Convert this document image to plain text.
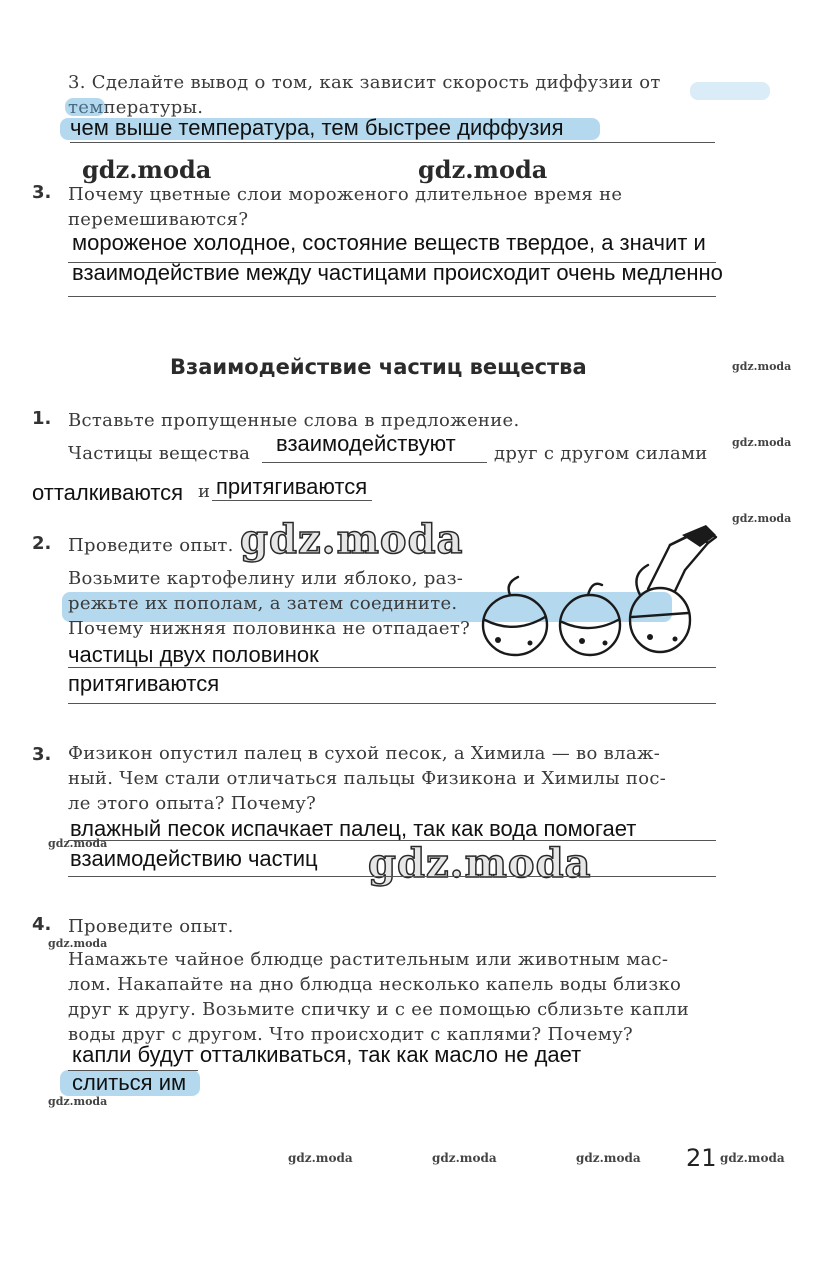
3. Сделайте вывод о том, как зависит скорость диффузии от температуры.
чем выше температура, тем быстрее диффузия
gdz.moda	gdz.moda
3. Почему цветные слои мороженого длительное время не перемешиваются?
мороженое холодное, состояние веществ твердое, а значит и
взаимодействие между частицами происходит очень медленно
Взаимодействие частиц вещества	gdz.moda
1. Вставьте пропущенные слова в предложение.
Частицы вещества взаимодействуют друг с другом силами
gdz.moda
отталкиваются и притягиваются
gdz.moda
2. Проведите опыт. gdz.moda
Возьмите картофелину или яблоко, раз-
режьте их пополам, а затем соедините.
Почему нижняя половинка не отпадает?
частицы двух половинок
притягиваются
3. Физикон опустил палец в сухой песок, а Химила — во влаж-
ный. Чем стали отличаться пальцы Физикона и Химилы пос-
ле этого опыта? Почему?
влажный песок испачкает палец, так как вода помогает
gdz.moda
взаимодействию частиц gdz.moda
4. Проведите опыт.
gdz.moda
Намажьте чайное блюдце растительным или животным мас-
лом. Накапайте на дно блюдца несколько капель воды близко
друг к другу. Возьмите спичку и с ее помощью сблизьте капли
воды друг с другом. Что происходит с каплями? Почему?
капли будут отталкиваться, так как масло не дает
слиться им
gdz.moda
gdz.moda	gdz.moda	gdz.moda 21 gdz.moda
